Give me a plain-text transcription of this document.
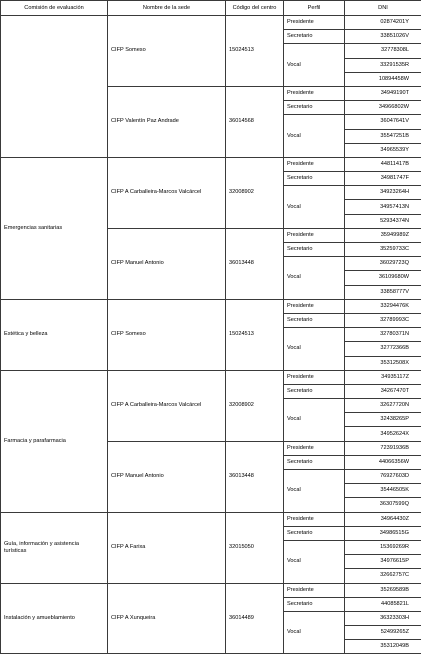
Comisión de evaluación	Nombre de la sede	Código del centro	Perfil	DNI
	CIFP Someso	15024513	Presidente	02874201Y
			Secretario	33851026V
			Vocal	32778308L
				33291535R
				10894458W
	CIFP Valentín Paz Andrade	36014568	Presidente	34949190T
			Secretario	34966802W
			Vocal	36047641V
				35547251B
				34965539Y
Emergencias sanitarias	CIFP A Carballeira-Marcos Valcárcel	32008902	Presidente	44811417B
			Secretario	34981747F
			Vocal	34923264H
				34957413N
				52934374N
	CIFP Manuel Antonio	36013448	Presidente	35949989Z
			Secretario	35259733C
			Vocal	36029723Q
				36109680W
				33858777V
Estética y belleza	CIFP Someso	15024513	Presidente	33294476K
			Secretario	32789993C
			Vocal	32780371N
				32772366B
				35312508X
Farmacia y parafarmacia	CIFP A Carballeira-Marcos Valcárcel	32008902	Presidente	34935117Z
			Secretario	34267470T
			Vocal	32627720N
				32438265P
				34952624X
	CIFP Manuel Antonio	36013448	Presidente	72391936B
			Secretario	44066356W
			Vocal	76927603D
				35446505K
				36307599Q
Guía, información y asistencia turísticas	CIFP A Farixa	32015050	Presidente	34964430Z
			Secretario	34986515G
			Vocal	15369269R
				34976615P
				32662757C
Instalación y amueblamiento	CIFP A Xunqueira	36014489	Presidente	35269589B
			Secretario	44085821L
			Vocal	36323303H
				52499265Z
				35312049B
